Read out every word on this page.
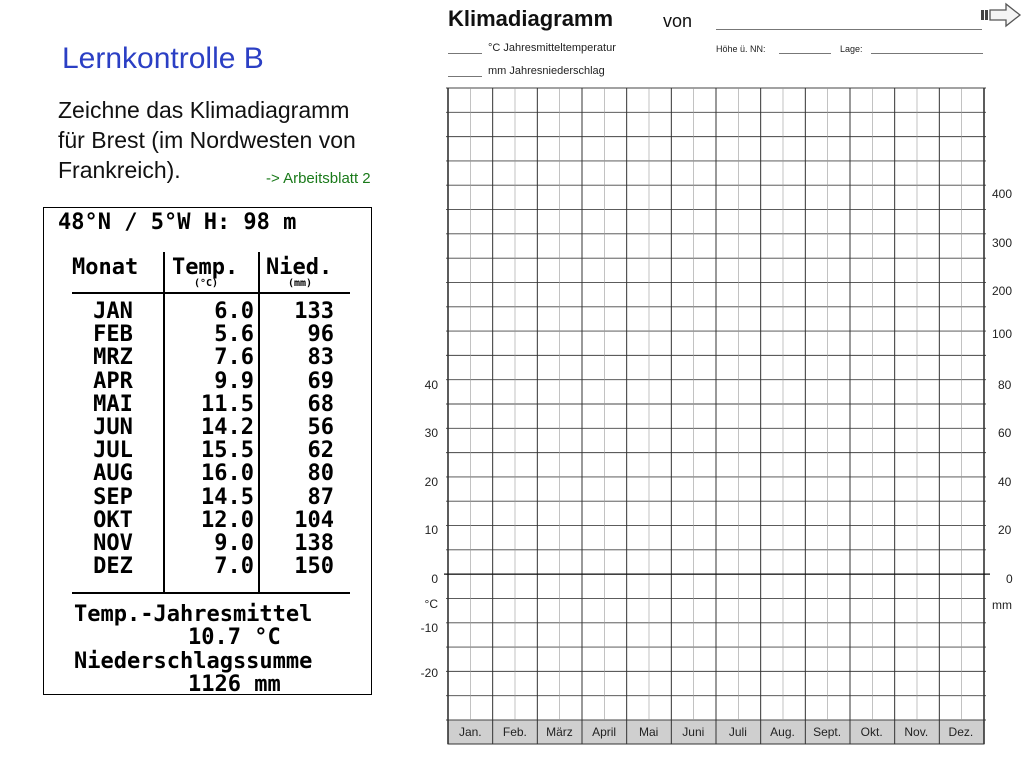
Lernkontrolle B
Zeichne das Klimadiagramm
für Brest (im Nordwesten von
Frankreich).	-> Arbeitsblatt 2
48°N / 5°W H: 98 m
Monat Temp.
(°C)
Nied.
(mm)
JAN	6.0	133
FEB	5.6	96
MRZ	7.6	83
APR	9.9	69
MAI	11.5	68
JUN	14.2	56
JUL	15.5	62
AUG	16.0	80
SEP	14.5	87
OKT	12.0	104
NOV	9.0	138
DEZ	7.0	150
Temp.-Jahresmittel
10.7 °C
Niederschlagssumme
1126 mm
Klimadiagramm	von
°C Jahresmitteltemperatur	Höhe ü. NN:	Lage:
mm Jahresniederschlag
40
30
20
10
0
°C
-10
-20
400
300
200
100
80
60
40
20
0
mm
Jan.	Feb.	März	April	Mai	Juni	Juli	Aug.	Sept.	Okt.	Nov.	Dez.
